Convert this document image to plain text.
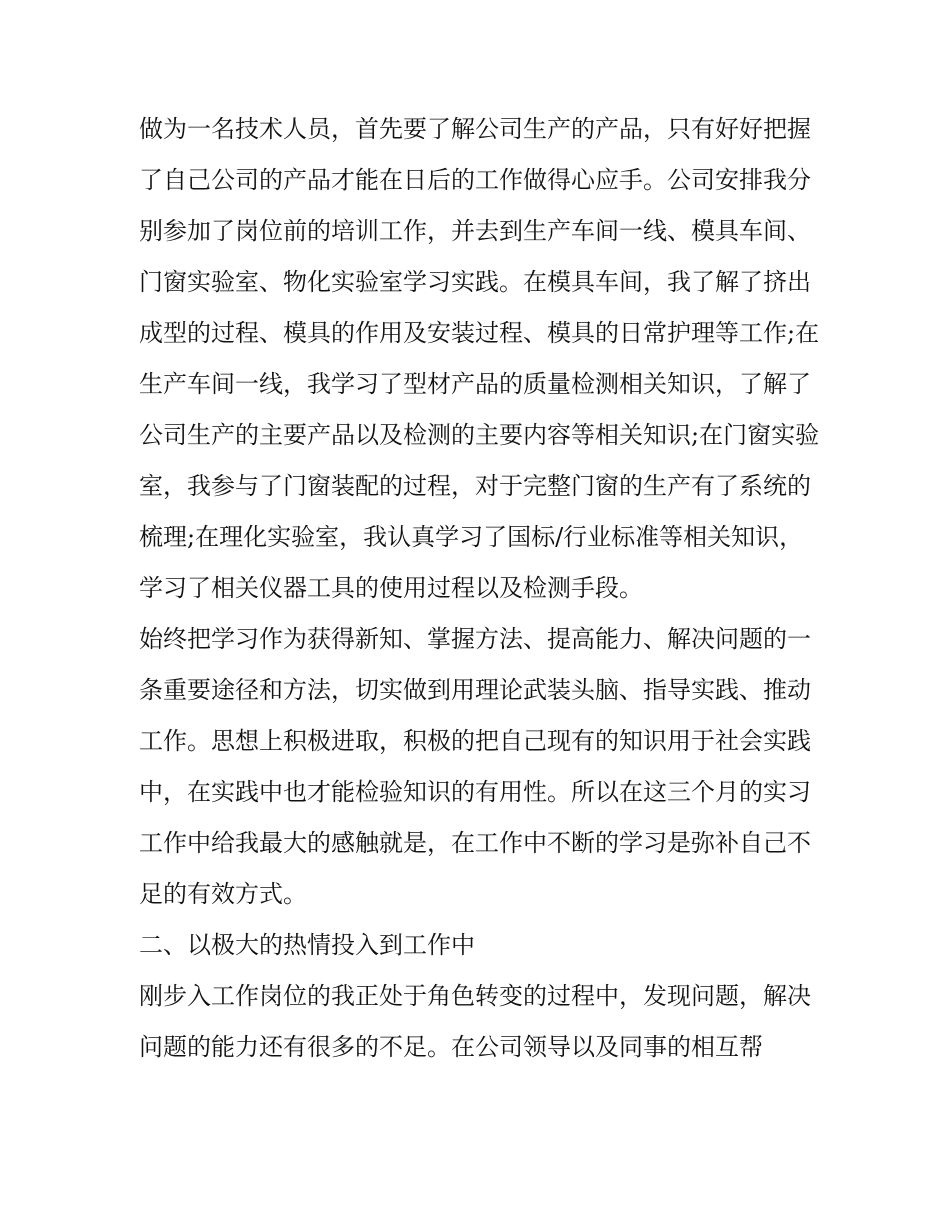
做为一名技术人员，首先要了解公司生产的产品，只有好好把握了自己公司的产品才能在日后的工作做得心应手。公司安排我分别参加了岗位前的培训工作，并去到生产车间一线、模具车间、门窗实验室、物化实验室学习实践。在模具车间，我了解了挤出成型的过程、模具的作用及安装过程、模具的日常护理等工作;在生产车间一线，我学习了型材产品的质量检测相关知识，了解了公司生产的主要产品以及检测的主要内容等相关知识;在门窗实验室，我参与了门窗装配的过程，对于完整门窗的生产有了系统的梳理;在理化实验室，我认真学习了国标/行业标准等相关知识，学习了相关仪器工具的使用过程以及检测手段。

始终把学习作为获得新知、掌握方法、提高能力、解决问题的一条重要途径和方法，切实做到用理论武装头脑、指导实践、推动工作。思想上积极进取，积极的把自己现有的知识用于社会实践中，在实践中也才能检验知识的有用性。所以在这三个月的实习工作中给我最大的感触就是，在工作中不断的学习是弥补自己不足的有效方式。

二、以极大的热情投入到工作中

刚步入工作岗位的我正处于角色转变的过程中，发现问题，解决问题的能力还有很多的不足。在公司领导以及同事的相互帮
